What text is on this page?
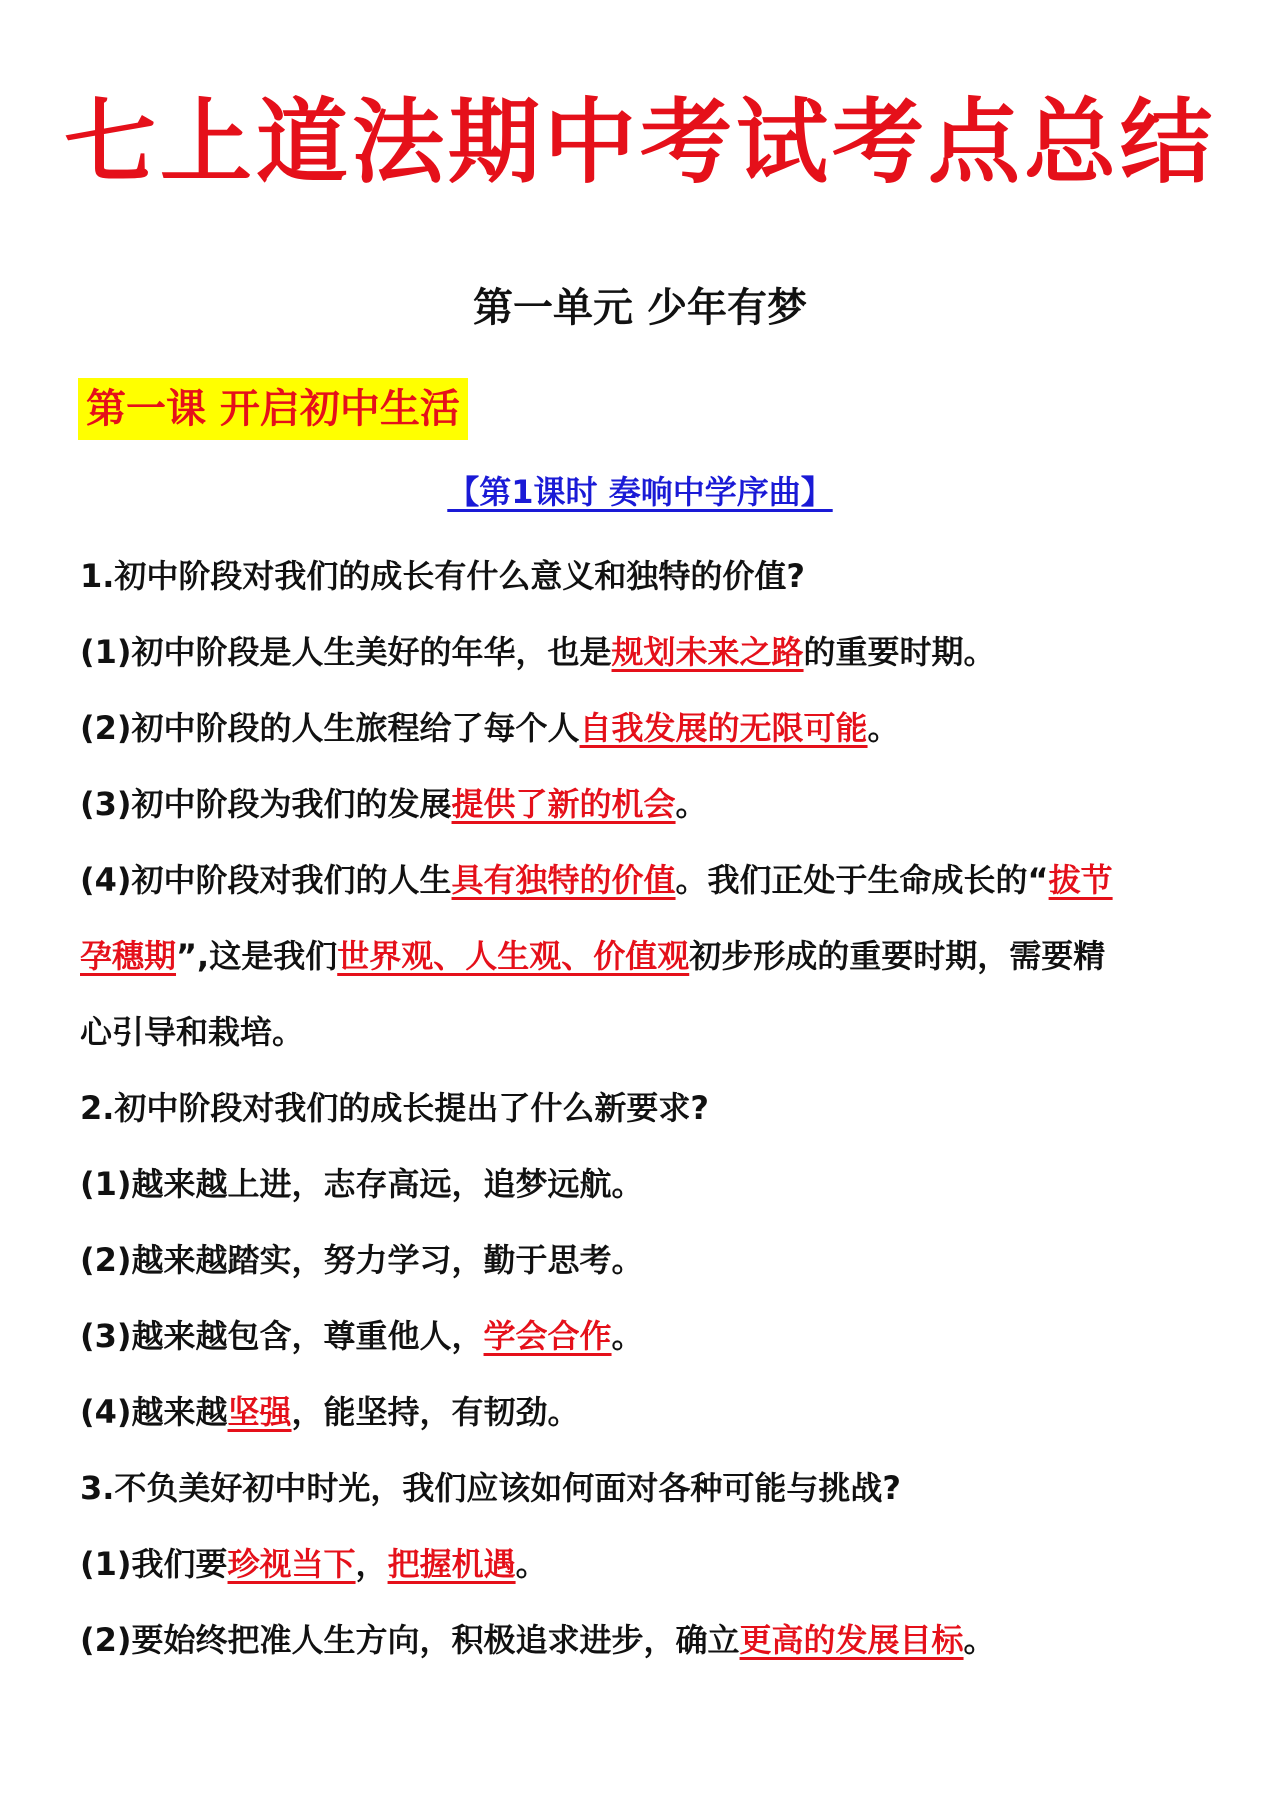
七上道法期中考试考点总结
第一单元 少年有梦
第一课 开启初中生活
【第1课时 奏响中学序曲】
1.初中阶段对我们的成长有什么意义和独特的价值?
(1)初中阶段是人生美好的年华，也是规划未来之路的重要时期。
(2)初中阶段的人生旅程给了每个人自我发展的无限可能。
(3)初中阶段为我们的发展提供了新的机会。
(4)初中阶段对我们的人生具有独特的价值。我们正处于生命成长的“拔节
孕穗期”,这是我们世界观、人生观、价值观初步形成的重要时期，需要精
心引导和栽培。
2.初中阶段对我们的成长提出了什么新要求?
(1)越来越上进，志存高远，追梦远航。
(2)越来越踏实，努力学习，勤于思考。
(3)越来越包含，尊重他人，学会合作。
(4)越来越坚强，能坚持，有韧劲。
3.不负美好初中时光，我们应该如何面对各种可能与挑战?
(1)我们要珍视当下，把握机遇。
(2)要始终把准人生方向，积极追求进步，确立更高的发展目标。
